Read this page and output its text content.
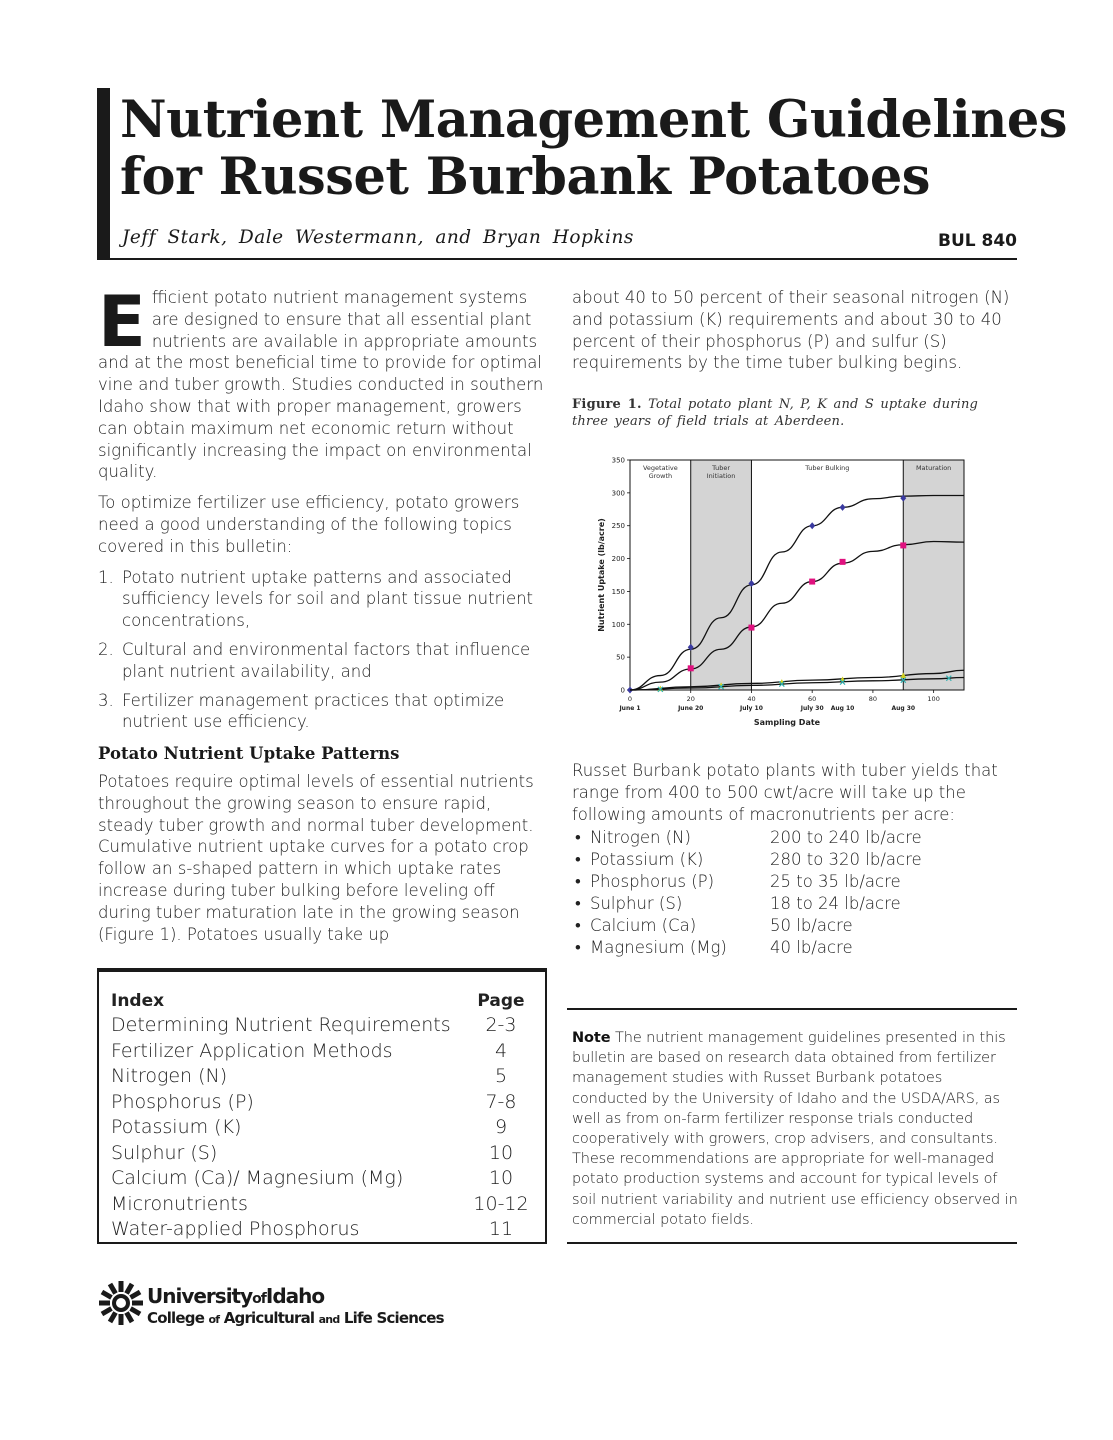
Nutrient Management Guidelines
for Russet Burbank Potatoes
Jeff Stark, Dale Westermann, and Bryan Hopkins	BUL 840

Efficient potato nutrient management systems are designed to ensure that all essential plant nutrients are available in appropriate amounts and at the most beneficial time to provide for optimal vine and tuber growth. Studies conducted in southern Idaho show that with proper management, growers can obtain maximum net economic return without significantly increasing the impact on environmental quality.

To optimize fertilizer use efficiency, potato growers need a good understanding of the following topics covered in this bulletin:

1. Potato nutrient uptake patterns and associated sufficiency levels for soil and plant tissue nutrient concentrations,
2. Cultural and environmental factors that influence plant nutrient availability, and
3. Fertilizer management practices that optimize nutrient use efficiency.
Potato Nutrient Uptake Patterns

Potatoes require optimal levels of essential nutrients throughout the growing season to ensure rapid, steady tuber growth and normal tuber development. Cumulative nutrient uptake curves for a potato crop follow an s-shaped pattern in which uptake rates increase during tuber bulking before leveling off during tuber maturation late in the growing season (Figure 1). Potatoes usually take up

about 40 to 50 percent of their seasonal nitrogen (N) and potassium (K) requirements and about 30 to 40 percent of their phosphorus (P) and sulfur (S) requirements by the time tuber bulking begins.

Figure 1. Total potato plant N, P, K and S uptake during three years of field trials at Aberdeen.
Vegetative
Growth
Tuber
Initiation
Tuber Bulking	Maturation
0
50
100
150
200
250
300
350
0	20	40	60	80	100
June 1	June 20	July 10	July 30 Aug 10	Aug 30
Sampling Date
Nutrient Uptake (lb/acre)

Russet Burbank potato plants with tuber yields that range from 400 to 500 cwt/acre will take up the following amounts of macronutrients per acre:

• Nitrogen (N)	200 to 240 lb/acre
• Potassium (K)	280 to 320 lb/acre
• Phosphorus (P)	25 to 35 lb/acre
• Sulphur (S)	18 to 24 lb/acre
• Calcium (Ca)	50 lb/acre
• Magnesium (Mg)	40 lb/acre
Note The nutrient management guidelines presented in this bulletin are based on research data obtained from fertilizer management studies with Russet Burbank potatoes conducted by the University of Idaho and the USDA/ARS, as well as from on-farm fertilizer response trials conducted cooperatively with growers, crop advisers, and consultants. These recommendations are appropriate for well-managed potato production systems and account for typical levels of soil nutrient variability and nutrient use efficiency observed in commercial potato fields.
Index	Page
Determining Nutrient Requirements	2-3
Fertilizer Application Methods	4
Nitrogen (N)	5
Phosphorus (P)	7-8
Potassium (K)	9
Sulphur (S)	10
Calcium (Ca)/ Magnesium (Mg)	10
Micronutrients	10-12
Water-applied Phosphorus	11
UniversityofIdaho
College of Agricultural and Life Sciences
